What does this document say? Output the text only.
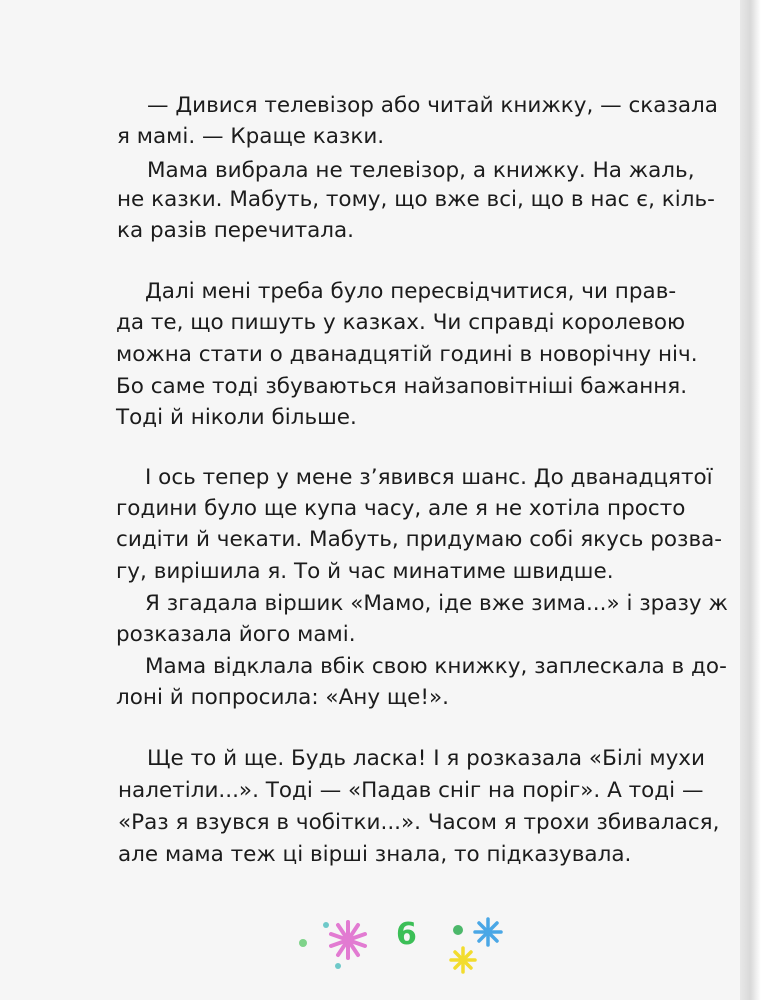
— Дивися телевізор або читай книжку, — сказала
я мамі. — Краще казки.
Мама вибрала не телевізор, а книжку. На жаль,
не казки. Мабуть, тому, що вже всі, що в нас є, кіль-
ка разів перечитала.
Далі мені треба було пересвідчитися, чи прав-
да те, що пишуть у казках. Чи справді королевою
можна стати о дванадцятій годині в новорічну ніч.
Бо саме тоді збуваються найзаповітніші бажання.
Тоді й ніколи більше.
І ось тепер у мене з’явився шанс. До дванадцятої
години було ще купа часу, але я не хотіла просто
сидіти й чекати. Мабуть, придумаю собі якусь розва-
гу, вирішила я. То й час минатиме швидше.
Я згадала віршик «Мамо, іде вже зима...» і зразу ж
розказала його мамі.
Мама відклала вбік свою книжку, заплескала в до-
лоні й попросила: «Ану ще!».
Ще то й ще. Будь ласка! І я розказала «Білі мухи
налетіли...». Тоді — «Падав сніг на поріг». А тоді —
«Раз я взувся в чобітки...». Часом я трохи збивалася,
але мама теж ці вірші знала, то підказувала.
6
